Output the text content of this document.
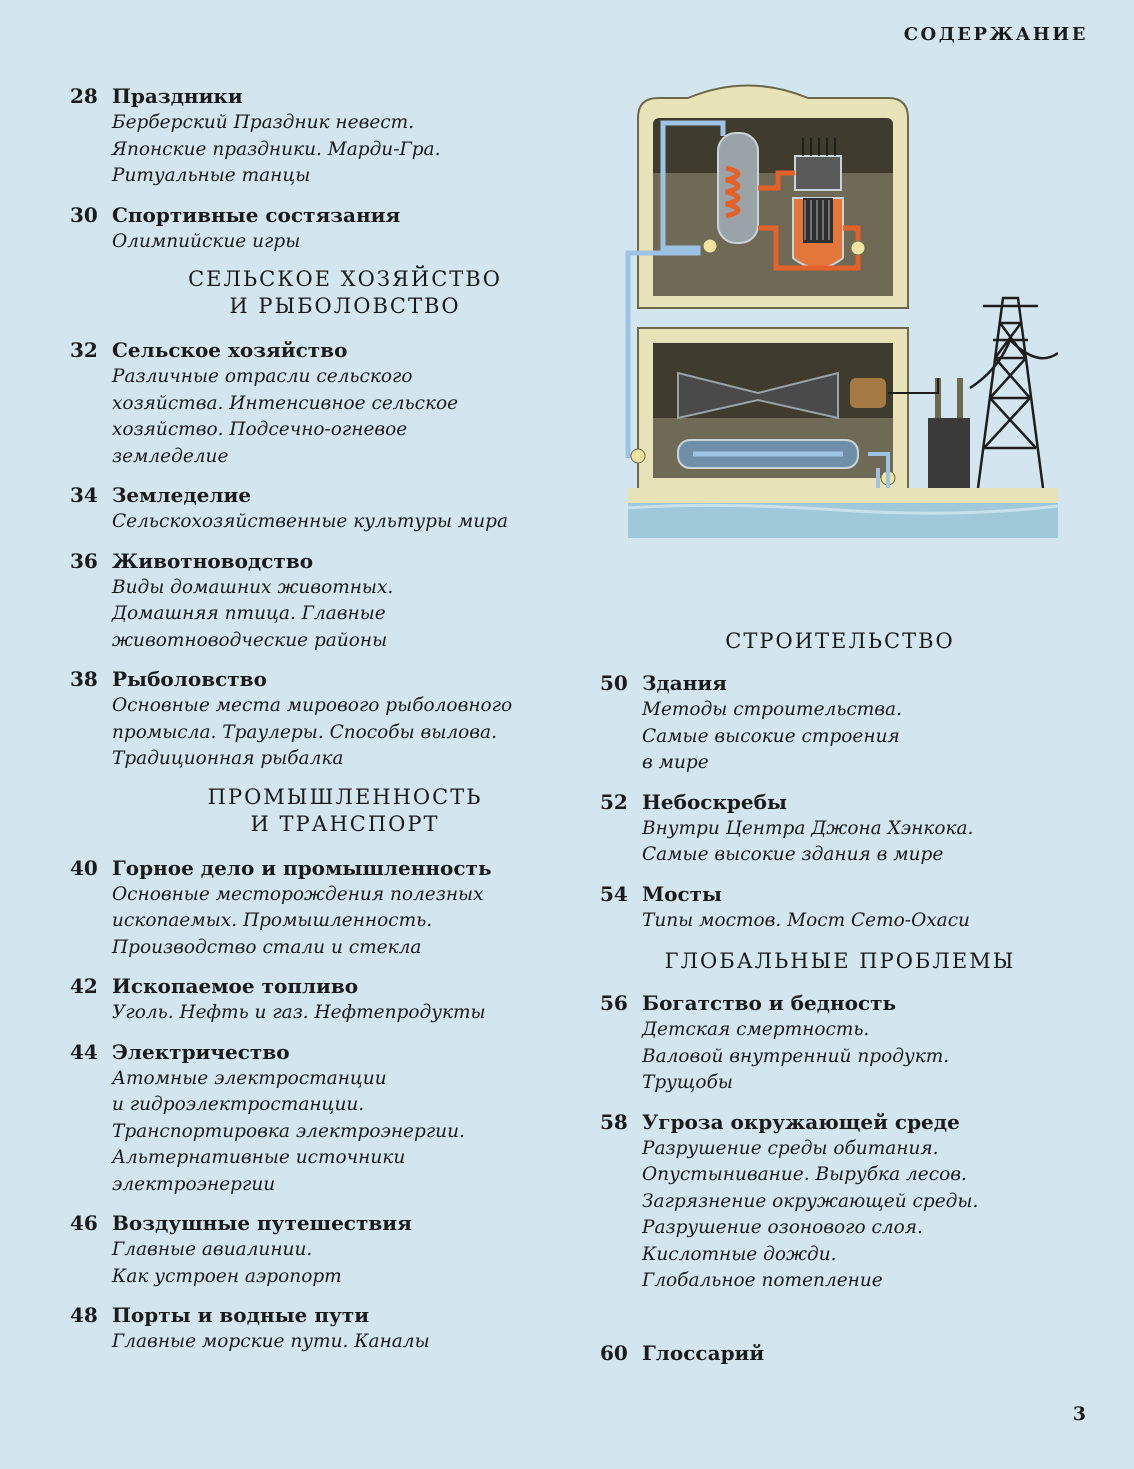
СОДЕРЖАНИЕ
28 Праздники
Берберский Праздник невест.
Японские праздники. Марди-Гра.
Ритуальные танцы
30 Спортивные состязания
Олимпийские игры
СЕЛЬСКОЕ ХОЗЯЙСТВО
И РЫБОЛОВСТВО
32 Сельское хозяйство
Различные отрасли сельского
хозяйства. Интенсивное сельское
хозяйство. Подсечно-огневое
земледелие
34 Земледелие
Сельскохозяйственные культуры мира
36 Животноводство
Виды домашних животных.
Домашняя птица. Главные
животноводческие районы
38 Рыболовство
Основные места мирового рыболовного
промысла. Траулеры. Способы вылова.
Традиционная рыбалка
ПРОМЫШЛЕННОСТЬ
И ТРАНСПОРТ
40 Горное дело и промышленность
Основные месторождения полезных
ископаемых. Промышленность.
Производство стали и стекла
42 Ископаемое топливо
Уголь. Нефть и газ. Нефтепродукты
44 Электричество
Атомные электростанции
и гидроэлектростанции.
Транспортировка электроэнергии.
Альтернативные источники
электроэнергии
46 Воздушные путешествия
Главные авиалинии.
Как устроен аэропорт
48 Порты и водные пути
Главные морские пути. Каналы
СТРОИТЕЛЬСТВО
50 Здания
Методы строительства.
Самые высокие строения
в мире
52 Небоскребы
Внутри Центра Джона Хэнкока.
Самые высокие здания в мире
54 Мосты
Типы мостов. Мост Сето-Охаси
ГЛОБАЛЬНЫЕ ПРОБЛЕМЫ
56 Богатство и бедность
Детская смертность.
Валовой внутренний продукт.
Трущобы
58 Угроза окружающей среде
Разрушение среды обитания.
Опустынивание. Вырубка лесов.
Загрязнение окружающей среды.
Разрушение озонового слоя.
Кислотные дожди.
Глобальное потепление
60 Глоссарий
3
